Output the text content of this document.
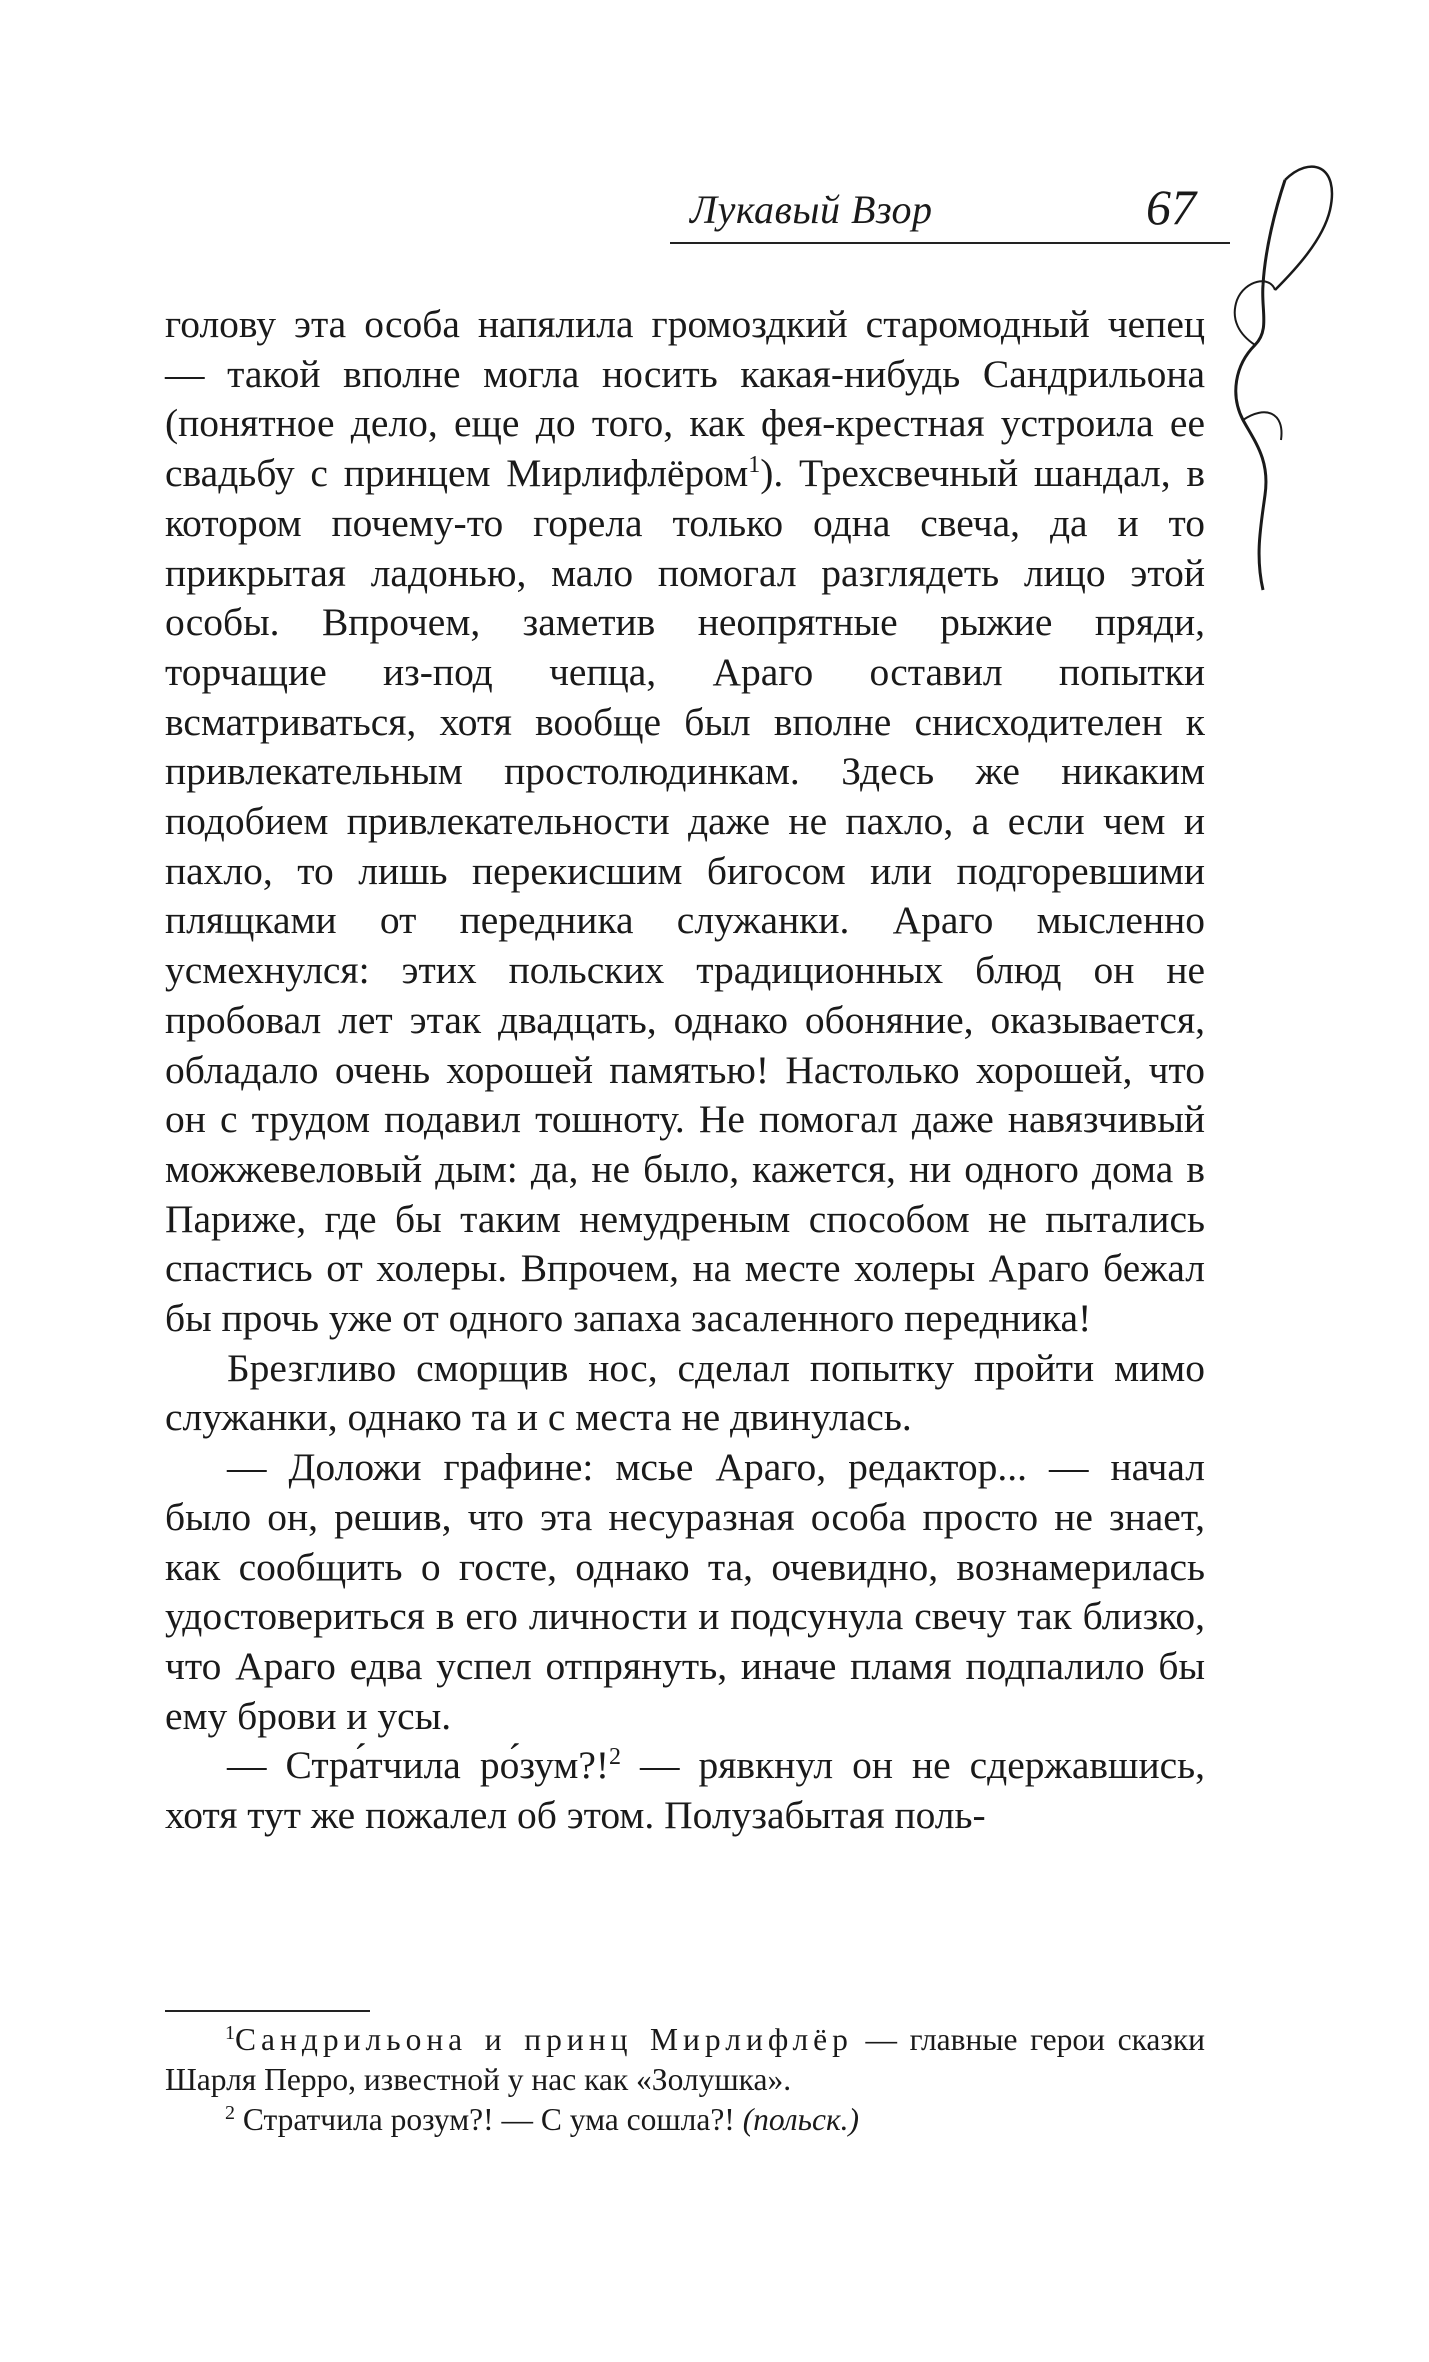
Лукавый Взор	67

голову эта особа напялила громоздкий старомодный чепец — такой вполне могла носить какая-нибудь Сандрильона (понятное дело, еще до того, как фея-крестная устроила ее свадьбу с принцем Мирлифлёром$^1$). Трехсвечный шандал, в котором почему-то горела только одна свеча, да и то прикрытая ладонью, мало помогал разглядеть лицо этой особы. Впрочем, заметив неопрятные рыжие пряди, торчащие из-под чепца, Араго оставил попытки всматриваться, хотя вообще был вполне снисходителен к привлекательным простолюдинкам. Здесь же никаким подобием привлекательности даже не пахло, а если чем и пахло, то лишь перекисшим бигосом или подгоревшими плящками от передника служанки. Араго мысленно усмехнулся: этих польских традиционных блюд он не пробовал лет этак двадцать, однако обоняние, оказывается, обладало очень хорошей памятью! Настолько хорошей, что он с трудом подавил тошноту. Не помогал даже навязчивый можжевеловый дым: да, не было, кажется, ни одного дома в Париже, где бы таким немудреным способом не пытались спастись от холеры. Впрочем, на месте холеры Араго бежал бы прочь уже от одного запаха засаленного передника!

Брезгливо сморщив нос, сделал попытку пройти мимо служанки, однако та и с места не двинулась.

— Доложи графине: мсье Араго, редактор... — начал было он, решив, что эта несуразная особа просто не знает, как сообщить о госте, однако та, очевидно, вознамерилась удостовериться в его личности и подсунула свечу так близко, что Араго едва успел отпрянуть, иначе пламя подпалило бы ему брови и усы.

— Стра́тчила ро́зум?!$^2$ — рявкнул он не сдержавшись, хотя тут же пожалел об этом. Полузабытая поль-

$^1$Сандрильона и принц Мирлифлёр — главные герои сказки Шарля Перро, известной у нас как «Золушка».

$^2$ Стратчила розум?! — С ума сошла?! (польск.)
